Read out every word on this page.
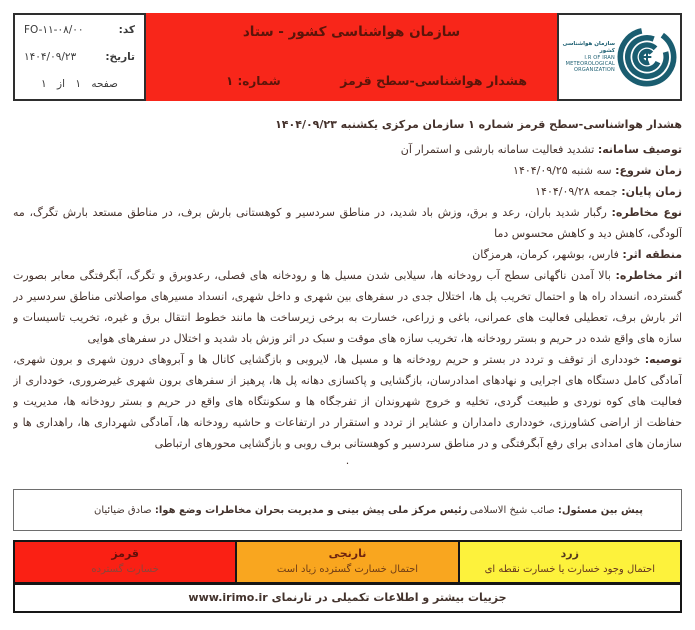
کد:
FO-۱۱-۰۸/۰۰
تاریخ:
۱۴۰۴/۰۹/۲۳
صفحه ۱ از ۱
سازمان هواشناسی کشور - ستاد
هشدار هواشناسی-سطح قرمز
شماره: ۱
سازمان هواشناسی کشور
I.R OF IRAN
METEOROLOGICAL
ORGANIZATION
هشدار هواشناسی-سطح قرمز شماره ۱ سازمان مرکزی یکشنبه ۱۴۰۴/۰۹/۲۳

توصیف سامانه: تشدید فعالیت سامانه بارشی و استمرار آن

زمان شروع: سه شنبه ۱۴۰۴/۰۹/۲۵

زمان پایان: جمعه ۱۴۰۴/۰۹/۲۸

نوع مخاطره: رگبار شدید باران، رعد و برق، وزش باد شدید، در مناطق سردسیر و کوهستانی بارش برف، در مناطق مستعد بارش تگرگ، مه آلودگی، کاهش دید و کاهش محسوس دما

منطقه اثر: فارس، بوشهر، کرمان، هرمزگان

اثر مخاطره: بالا آمدن ناگهانی سطح آب رودخانه ها، سیلابی شدن مسیل ها و رودخانه های فصلی، رعدوبرق و تگرگ، آبگرفتگی معابر بصورت گسترده، انسداد راه ها و احتمال تخریب پل ها، اختلال جدی در سفرهای بین شهری و داخل شهری، انسداد مسیرهای مواصلاتی مناطق سردسیر در اثر بارش برف، تعطیلی فعالیت های عمرانی، باغی و زراعی، خسارت به برخی زیرساخت ها مانند خطوط انتقال برق و غیره، تخریب تاسیسات و سازه های واقع شده در حریم و بستر رودخانه ها، تخریب سازه های موقت و سبک در اثر وزش باد شدید و اختلال در سفرهای هوایی

توصیه: خودداری از توقف و تردد در بستر و حریم رودخانه ها و مسیل ها، لایروبی و بازگشایی کانال ها و آبروهای درون شهری و برون شهری، آمادگی کامل دستگاه های اجرایی و نهادهای امدادرسان، بازگشایی و پاکسازی دهانه پل ها، پرهیز از سفرهای برون شهری غیرضروری، خودداری از فعالیت های کوه نوردی و طبیعت گردی، تخلیه و خروج شهروندان از تفرجگاه ها و سکونتگاه های واقع در حریم و بستر رودخانه ها، مدیریت و حفاظت از اراضی کشاورزی، خودداری دامداران و عشایر از تردد و استقرار در ارتفاعات و حاشیه رودخانه ها، آمادگی شهرداری ها، راهداری ها و سازمان های امدادی برای رفع آبگرفتگی و در مناطق سردسیر و کوهستانی برف روبی و بازگشایی محورهای ارتباطی

.
پیش بین مسئول: صائب شیخ الاسلامی
رئیس مرکز ملی پیش بینی و مدیریت بحران مخاطرات وضع هوا: صادق ضیائیان
قرمز
خسارت گسترده
نارنجی
احتمال خسارت گسترده زیاد است
زرد
احتمال وجود خسارت یا خسارت نقطه ای
جزییات بیشتر و اطلاعات تکمیلی در تارنمای www.irimo.ir
